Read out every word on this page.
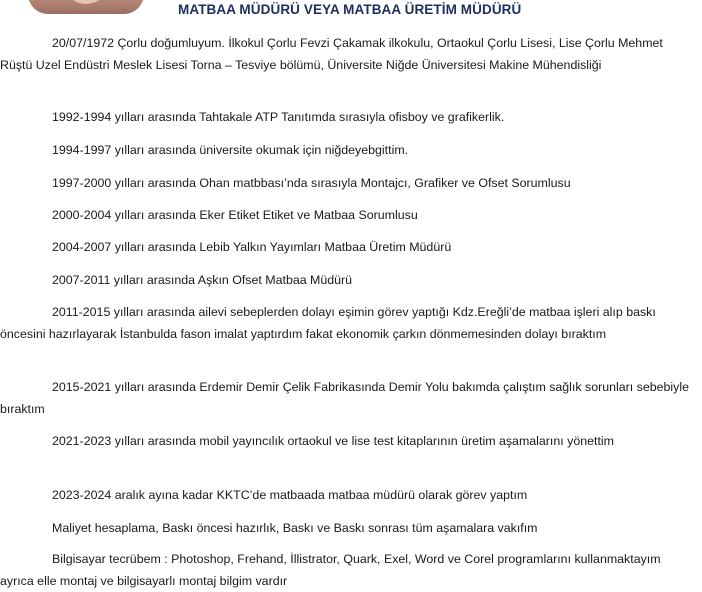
MATBAA MÜDÜRÜ VEYA MATBAA ÜRETİM MÜDÜRÜ
20/07/1972 Çorlu doğumluyum. İlkokul Çorlu Fevzi Çakamak ilkokulu, Ortaokul Çorlu Lisesi, Lise Çorlu Mehmet Rüştü Uzel Endüstri Meslek Lisesi Torna – Tesviye bölümü, Üniversite Niğde Üniversitesi Makine Mühendisliği
1992-1994 yılları arasında Tahtakale ATP Tanıtımda sırasıyla ofisboy ve grafikerlik.
1994-1997 yılları arasında üniversite okumak için niğdeyebgittim.
1997-2000 yılları arasında Ohan matbbası’nda sırasıyla Montajcı, Grafiker ve Ofset Sorumlusu
2000-2004 yılları arasında Eker Etiket Etiket ve Matbaa Sorumlusu
2004-2007 yılları arasında Lebib Yalkın Yayımları Matbaa Üretim Müdürü
2007-2011 yılları arasında Aşkın Ofset Matbaa Müdürü
2011-2015 yılları arasında ailevi sebeplerden dolayı eşimin görev yaptığı Kdz.Ereğli’de matbaa işleri alıp baskı öncesini hazırlayarak İstanbulda fason imalat yaptırdım fakat ekonomik çarkın dönmemesinden dolayı bıraktım
2015-2021 yılları arasında Erdemir Demir Çelik Fabrikasında Demir Yolu bakımda çalıştım sağlık sorunları sebebiyle bıraktım
2021-2023 yılları arasında mobil yayıncılık ortaokul ve lise test kitaplarının üretim aşamalarını yönettim
2023-2024 aralık ayına kadar KKTC’de matbaada matbaa müdürü olarak görev yaptım
Maliyet hesaplama, Baskı öncesi hazırlık, Baskı ve Baskı sonrası tüm aşamalara vakıfım
Bilgisayar tecrübem : Photoshop, Frehand, İllistrator, Quark, Exel, Word ve Corel programlarını kullanmaktayım ayrıca elle montaj ve bilgisayarlı montaj bilgim vardır
